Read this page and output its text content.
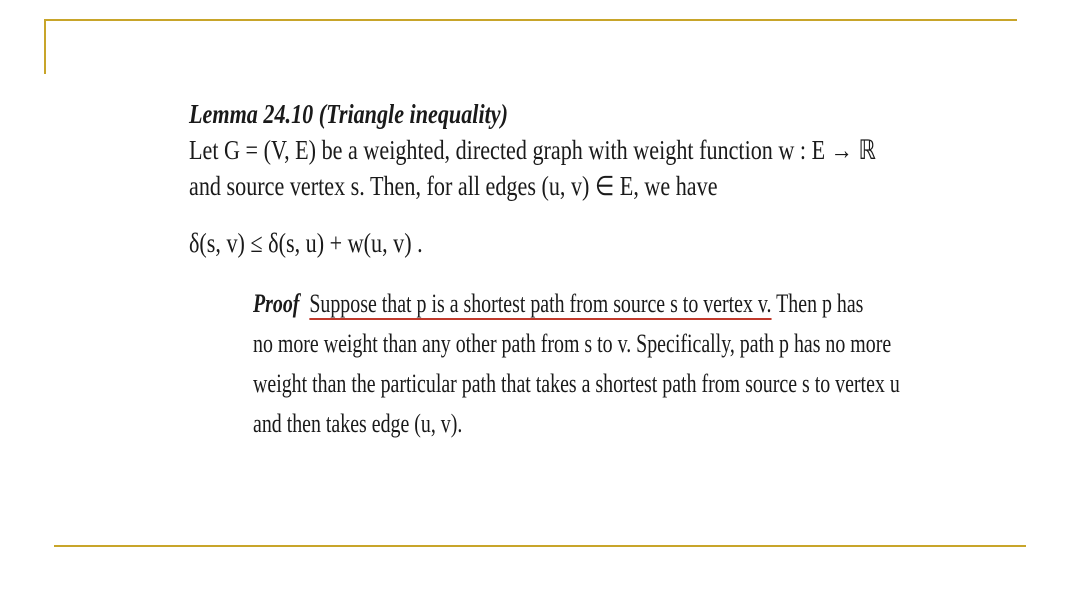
Lemma 24.10 (Triangle inequality)
Let G = (V, E) be a weighted, directed graph with weight function w : E → ℝ
and source vertex s. Then, for all edges (u, v) ∈ E, we have
δ(s, v) ≤ δ(s, u) + w(u, v) .
Proof Suppose that p is a shortest path from source s to vertex v. Then p has
no more weight than any other path from s to v. Specifically, path p has no more
weight than the particular path that takes a shortest path from source s to vertex u
and then takes edge (u, v).
